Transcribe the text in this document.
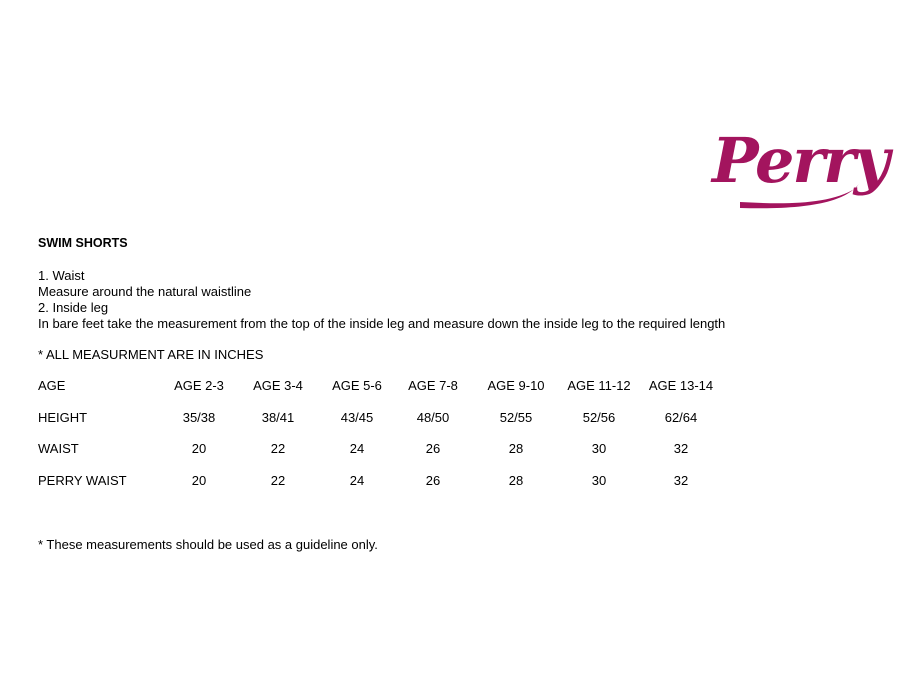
Perry
SWIM SHORTS
1. Waist
Measure around the natural waistline
2. Inside leg
In bare feet take the measurement from the top of the inside leg and measure down the inside leg to the required length
* ALL MEASURMENT ARE IN INCHES
AGE	AGE 2-3	AGE 3-4	AGE 5-6	AGE 7-8	AGE 9-10	AGE 11-12	AGE 13-14
HEIGHT	35/38	38/41	43/45	48/50	52/55	52/56	62/64
WAIST	20	22	24	26	28	30	32
PERRY WAIST	20	22	24	26	28	30	32
* These measurements should be used as a guideline only.
